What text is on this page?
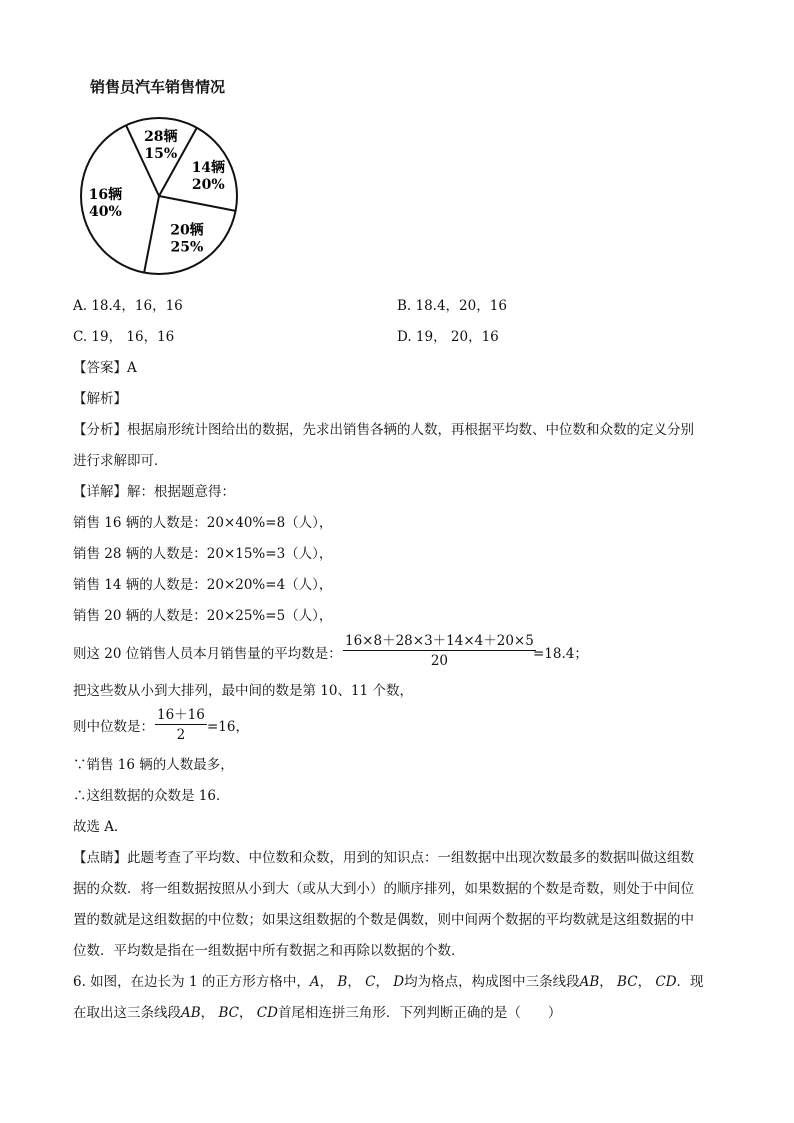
销售员汽车销售情况
28辆
15%
14辆
20%
20辆
25%
16辆
40%
A. 18.4，16，16	B. 18.4，20，16
C. 19， 16，16	D. 19， 20，16
【答案】A
【解析】
【分析】根据扇形统计图给出的数据，先求出销售各辆的人数，再根据平均数、中位数和众数的定义分别
进行求解即可．
【详解】解：根据题意得：
销售 16 辆的人数是：20×40%=8（人），
销售 28 辆的人数是：20×15%=3（人），
销售 14 辆的人数是：20×20%=4（人），
销售 20 辆的人数是：20×25%=5（人），
则这 20 位销售人员本月销售量的平均数是：
16×8＋28×3＋14×4＋20×5
20	=18.4；
把这些数从小到大排列，最中间的数是第 10、11 个数，
则中位数是：
16＋16
2	=16，
∵销售 16 辆的人数最多，
∴这组数据的众数是 16．
故选 A．
【点睛】此题考查了平均数、中位数和众数，用到的知识点：一组数据中出现次数最多的数据叫做这组数
据的众数．将一组数据按照从小到大（或从大到小）的顺序排列，如果数据的个数是奇数，则处于中间位
置的数就是这组数据的中位数；如果这组数据的个数是偶数，则中间两个数据的平均数就是这组数据的中
位数．平均数是指在一组数据中所有数据之和再除以数据的个数．
6. 如图，在边长为 1 的正方形方格中，A， B， C， D均为格点，构成图中三条线段AB， BC， CD．现
在取出这三条线段AB， BC， CD首尾相连拼三角形．下列判断正确的是（　　）
